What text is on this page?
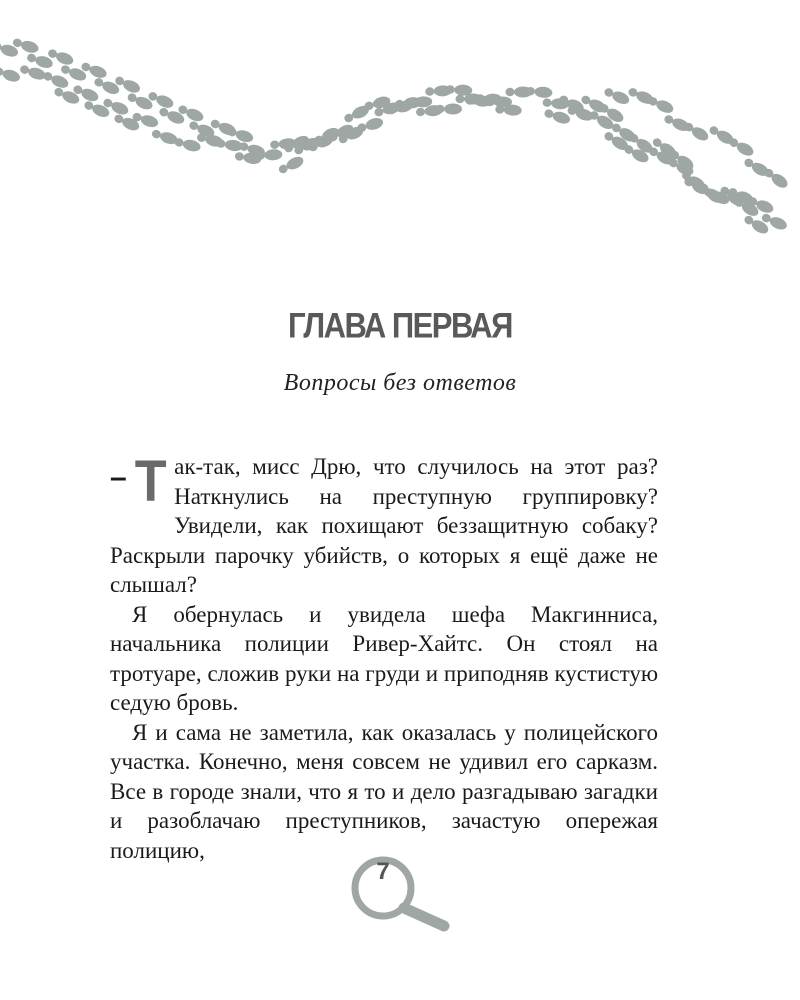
ГЛАВА ПЕРВАЯ
Вопросы без ответов

– Т ак-так, мисс Дрю, что случилось на этот раз? Наткнулись на преступную группировку? Увидели, как похищают беззащитную собаку? Раскрыли парочку убийств, о которых я ещё даже не слышал?

Я обернулась и увидела шефа Макгинниса, начальника полиции Ривер-Хайтс. Он стоял на тротуаре, сложив руки на груди и приподняв кустистую седую бровь.

Я и сама не заметила, как оказалась у полицейского участка. Конечно, меня совсем не удивил его сарказм. Все в городе знали, что я то и дело разгадываю загадки и разоблачаю преступников, зачастую опережая полицию,

7
